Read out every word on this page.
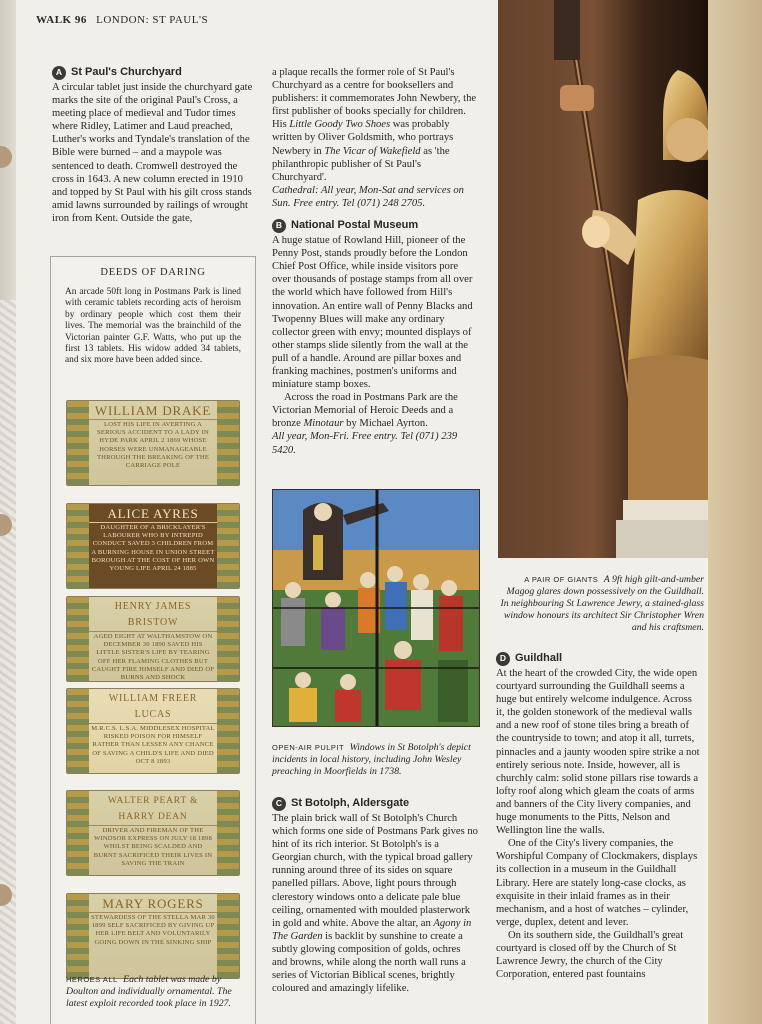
WALK 96 LONDON: ST PAUL'S
A St Paul's Churchyard

A circular tablet just inside the churchyard gate marks the site of the original Paul's Cross, a meeting place of medieval and Tudor times where Ridley, Latimer and Laud preached, Luther's works and Tyndale's translation of the Bible were burned – and a maypole was sentenced to death. Cromwell destroyed the cross in 1643. A new column erected in 1910 and topped by St Paul with his gilt cross stands amid lawns surrounded by railings of wrought iron from Kent. Outside the gate,

a plaque recalls the former role of St Paul's Churchyard as a centre for booksellers and publishers: it commemorates John Newbery, the first publisher of books specially for children. His Little Goody Two Shoes was probably written by Oliver Goldsmith, who portrays Newbery in The Vicar of Wakefield as 'the philanthropic publisher of St Paul's Churchyard'.

Cathedral: All year, Mon-Sat and services on Sun. Free entry. Tel (071) 248 2705.

B National Postal Museum

A huge statue of Rowland Hill, pioneer of the Penny Post, stands proudly before the London Chief Post Office, while inside visitors pore over thousands of postage stamps from all over the world which have followed from Hill's innovation. An entire wall of Penny Blacks and Twopenny Blues will make any ordinary collector green with envy; mounted displays of other stamps slide silently from the wall at the pull of a handle. Around are pillar boxes and franking machines, postmen's uniforms and miniature stamp boxes.

Across the road in Postmans Park are the Victorian Memorial of Heroic Deeds and a bronze Minotaur by Michael Ayrton.

All year, Mon-Fri. Free entry. Tel (071) 239 5420.

OPEN-AIR PULPIT Windows in St Botolph's depict incidents in local history, including John Wesley preaching in Moorfields in 1738.
C St Botolph, Aldersgate

The plain brick wall of St Botolph's Church which forms one side of Postmans Park gives no hint of its rich interior. St Botolph's is a Georgian church, with the typical broad gallery running around three of its sides on square panelled pillars. Above, light pours through clerestory windows onto a delicate pale blue ceiling, ornamented with moulded plasterwork in gold and white. Above the altar, an Agony in The Garden is backlit by sunshine to create a subtly glowing composition of golds, ochres and browns, while along the north wall runs a series of Victorian Biblical scenes, brightly coloured and amazingly lifelike.

A PAIR OF GIANTS A 9ft high gilt-and-umber Magog glares down possessively on the Guildhall. In neighbouring St Lawrence Jewry, a stained-glass window honours its architect Sir Christopher Wren and his craftsmen.
D Guildhall

At the heart of the crowded City, the wide open courtyard surrounding the Guildhall seems a huge but entirely welcome indulgence. Across it, the golden stonework of the medieval walls and a new roof of stone tiles bring a breath of the countryside to town; and atop it all, turrets, pinnacles and a jaunty wooden spire strike a not entirely serious note. Inside, however, all is churchly calm: solid stone pillars rise towards a lofty roof along which gleam the coats of arms and banners of the City livery companies, and huge monuments to the Pitts, Nelson and Wellington line the walls.

One of the City's livery companies, the Worshipful Company of Clockmakers, displays its collection in a museum in the Guildhall Library. Here are stately long-case clocks, as exquisite in their inlaid frames as in their mechanism, and a host of watches – cylinder, verge, duplex, detent and lever.

On its southern side, the Guildhall's great courtyard is closed off by the Church of St Lawrence Jewry, the church of the City Corporation, entered past fountains

DEEDS OF DARING
An arcade 50ft long in Postmans Park is lined with ceramic tablets recording acts of heroism by ordinary people which cost them their lives. The memorial was the brainchild of the Victorian painter G.F. Watts, who put up the first 13 tablets. His widow added 34 tablets, and six more have been added since.
WILLIAM DRAKE
LOST HIS LIFE IN AVERTING A SERIOUS ACCIDENT TO A LADY IN HYDE PARK APRIL 2 1869 WHOSE HORSES WERE UNMANAGEABLE THROUGH THE BREAKING OF THE CARRIAGE POLE
ALICE AYRES
DAUGHTER OF A BRICKLAYER'S LABOURER WHO BY INTREPID CONDUCT SAVED 3 CHILDREN FROM A BURNING HOUSE IN UNION STREET BOROUGH AT THE COST OF HER OWN YOUNG LIFE APRIL 24 1885
HENRY JAMES BRISTOW
AGED EIGHT AT WALTHAMSTOW ON DECEMBER 30 1890 SAVED HIS LITTLE SISTER'S LIFE BY TEARING OFF HER FLAMING CLOTHES BUT CAUGHT FIRE HIMSELF AND DIED OF BURNS AND SHOCK
WILLIAM FREER LUCAS
M.R.C.S. L.S.A. MIDDLESEX HOSPITAL RISKED POISON FOR HIMSELF RATHER THAN LESSEN ANY CHANCE OF SAVING A CHILD'S LIFE AND DIED OCT 8 1893
WALTER PEART & HARRY DEAN
DRIVER AND FIREMAN OF THE WINDSOR EXPRESS ON JULY 18 1898 WHILST BEING SCALDED AND BURNT SACRIFICED THEIR LIVES IN SAVING THE TRAIN
MARY ROGERS
STEWARDESS OF THE STELLA MAR 30 1899 SELF SACRIFICED BY GIVING UP HER LIFE BELT AND VOLUNTARILY GOING DOWN IN THE SINKING SHIP
HEROES ALL Each tablet was made by Doulton and individually ornamental. The latest exploit recorded took place in 1927.
